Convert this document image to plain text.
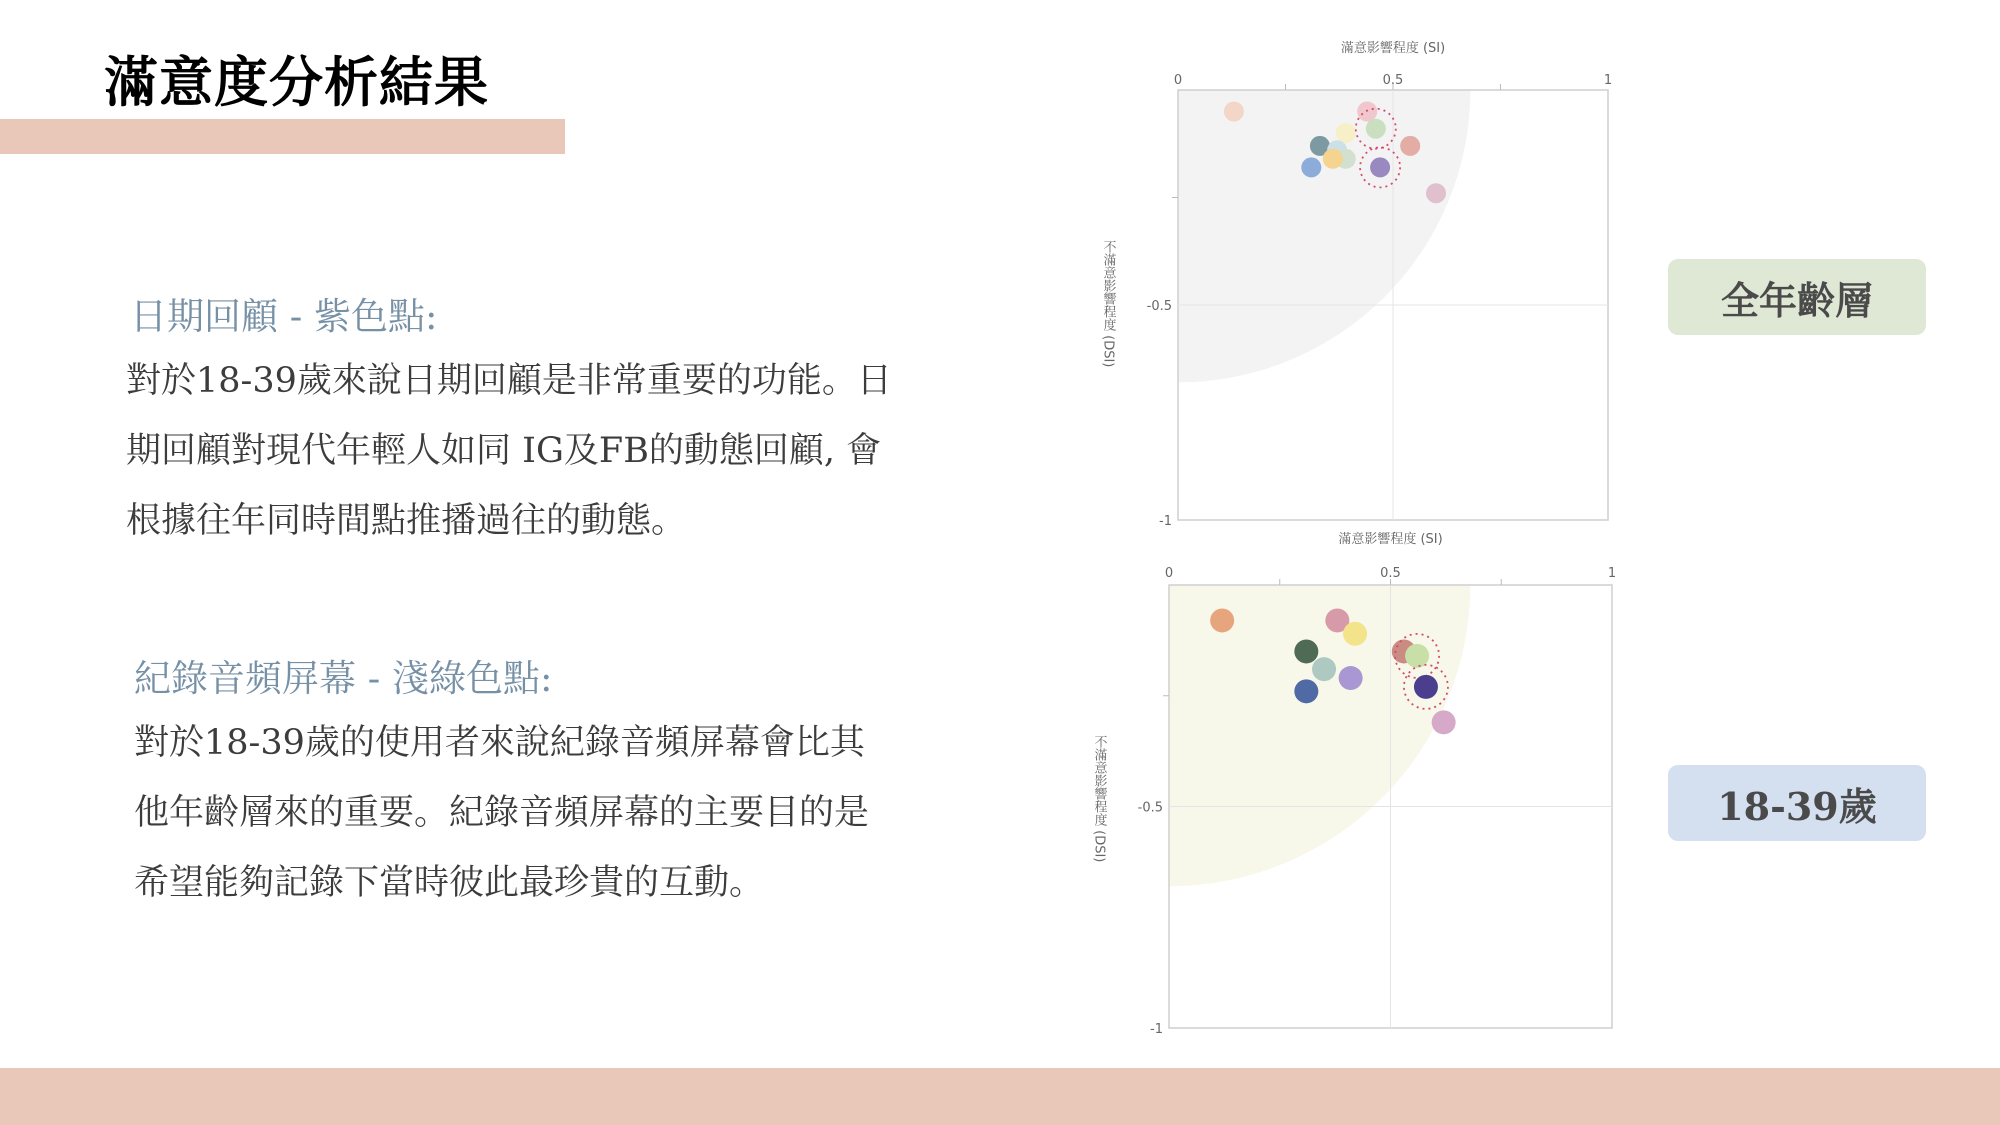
滿意度分析結果
日期回顧 - 紫色點:
對於18-39歲來說日期回顧是非常重要的功能。日
期回顧對現代年輕人如同 IG及FB的動態回顧, 會
根據往年同時間點推播過往的動態。
紀錄音頻屏幕 - 淺綠色點:
對於18-39歲的使用者來說紀錄音頻屏幕會比其
他年齡層來的重要。紀錄音頻屏幕的主要目的是
希望能夠記錄下當時彼此最珍貴的互動。
滿意影響程度 (SI)
0	0.5	1
-0.5
-1
不滿意影響程度 (DSI)
滿意影響程度 (SI)
0	0.5	1
-0.5
-1
不滿意影響程度 (DSI)
全年齡層
18-39歲
